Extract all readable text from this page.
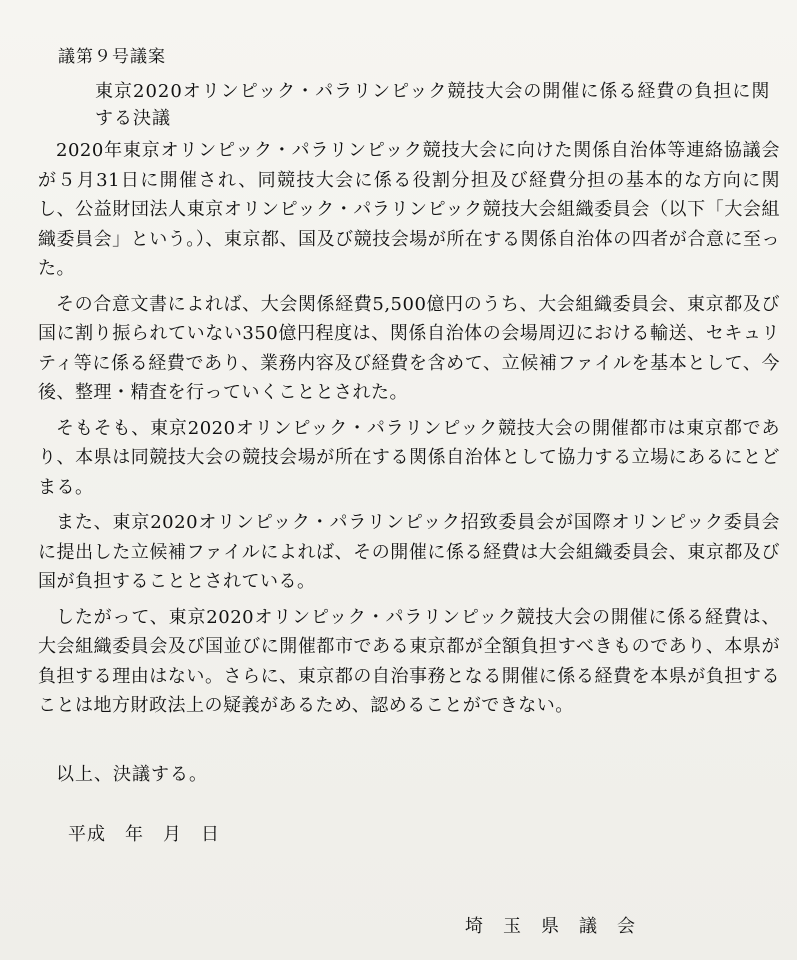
議第９号議案
東京2020オリンピック・パラリンピック競技大会の開催に係る経費の負担に関する決議

2020年東京オリンピック・パラリンピック競技大会に向けた関係自治体等連絡協議会が５月31日に開催され、同競技大会に係る役割分担及び経費分担の基本的な方向に関し、公益財団法人東京オリンピック・パラリンピック競技大会組織委員会（以下「大会組織委員会」という。）、東京都、国及び競技会場が所在する関係自治体の四者が合意に至った。

その合意文書によれば、大会関係経費5,500億円のうち、大会組織委員会、東京都及び国に割り振られていない350億円程度は、関係自治体の会場周辺における輸送、セキュリティ等に係る経費であり、業務内容及び経費を含めて、立候補ファイルを基本として、今後、整理・精査を行っていくこととされた。

そもそも、東京2020オリンピック・パラリンピック競技大会の開催都市は東京都であり、本県は同競技大会の競技会場が所在する関係自治体として協力する立場にあるにとどまる。

また、東京2020オリンピック・パラリンピック招致委員会が国際オリンピック委員会に提出した立候補ファイルによれば、その開催に係る経費は大会組織委員会、東京都及び国が負担することとされている。

したがって、東京2020オリンピック・パラリンピック競技大会の開催に係る経費は、大会組織委員会及び国並びに開催都市である東京都が全額負担すべきものであり、本県が負担する理由はない。さらに、東京都の自治事務となる開催に係る経費を本県が負担することは地方財政法上の疑義があるため、認めることができない。

以上、決議する。
平成　年　月　日
埼　玉　県　議　会
